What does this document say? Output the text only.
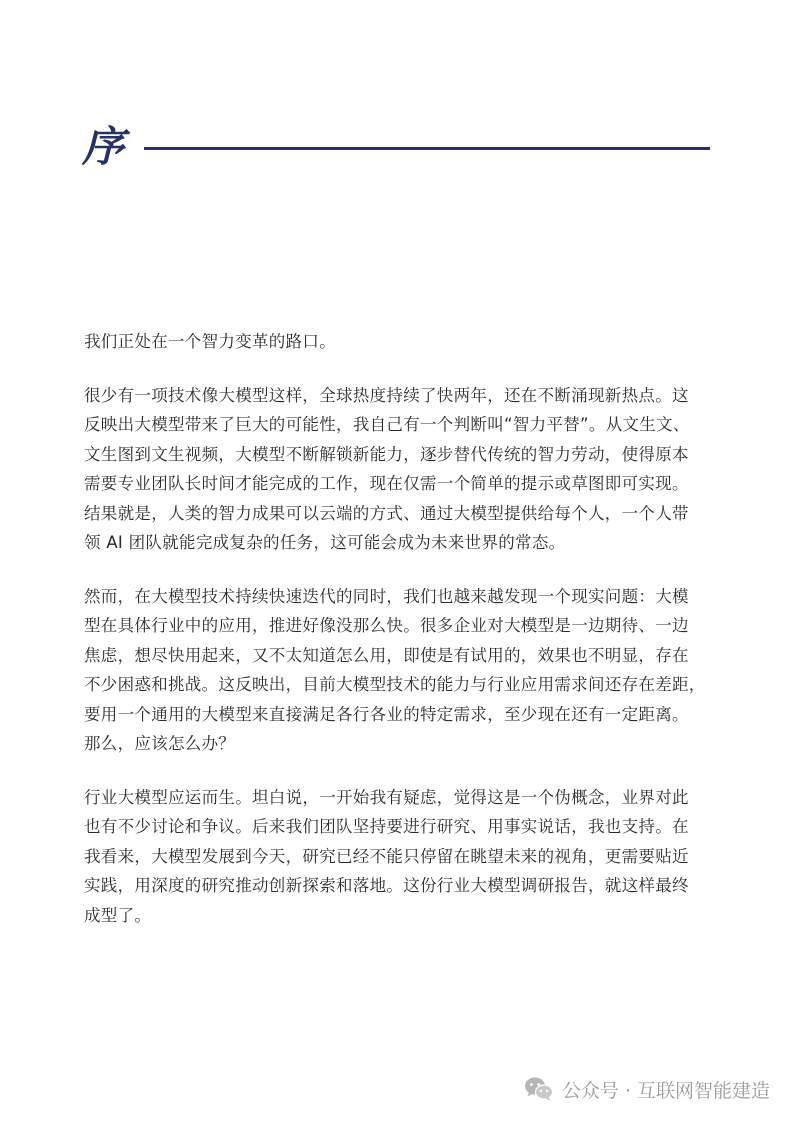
序

我们正处在一个智力变革的路口。

很少有一项技术像大模型这样，全球热度持续了快两年，还在不断涌现新热点。这
反映出大模型带来了巨大的可能性，我自己有一个判断叫“智力平替”。从文生文、
文生图到文生视频，大模型不断解锁新能力，逐步替代传统的智力劳动，使得原本
需要专业团队长时间才能完成的工作，现在仅需一个简单的提示或草图即可实现。
结果就是，人类的智力成果可以云端的方式、通过大模型提供给每个人，一个人带
领 AI 团队就能完成复杂的任务，这可能会成为未来世界的常态。

然而，在大模型技术持续快速迭代的同时，我们也越来越发现一个现实问题：大模
型在具体行业中的应用，推进好像没那么快。很多企业对大模型是一边期待、一边
焦虑，想尽快用起来，又不太知道怎么用，即使是有试用的，效果也不明显，存在
不少困惑和挑战。这反映出，目前大模型技术的能力与行业应用需求间还存在差距，
要用一个通用的大模型来直接满足各行各业的特定需求，至少现在还有一定距离。
那么，应该怎么办？

行业大模型应运而生。坦白说，一开始我有疑虑，觉得这是一个伪概念，业界对此
也有不少讨论和争议。后来我们团队坚持要进行研究、用事实说话，我也支持。在
我看来，大模型发展到今天，研究已经不能只停留在眺望未来的视角，更需要贴近
实践，用深度的研究推动创新探索和落地。这份行业大模型调研报告，就这样最终
成型了。

公众号 · 互联网智能建造
